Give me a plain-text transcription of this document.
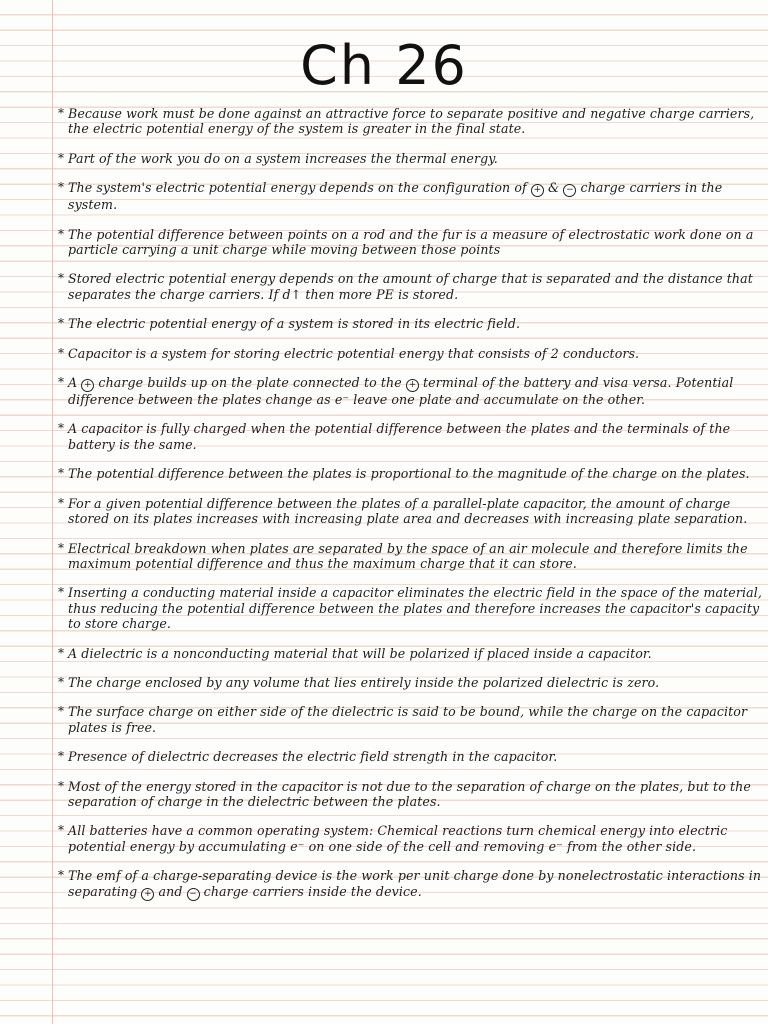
Ch 26
* Because work must be done against an attractive force to separate positive and negative charge carriers, the electric potential energy of the system is greater in the final state.
* Part of the work you do on a system increases the thermal energy.
* The system's electric potential energy depends on the configuration of + & − charge carriers in the system.
* The potential difference between points on a rod and the fur is a measure of electrostatic work done on a particle carrying a unit charge while moving between those points
* Stored electric potential energy depends on the amount of charge that is separated and the distance that separates the charge carriers. If d↑ then more PE is stored.
* The electric potential energy of a system is stored in its electric field.
* Capacitor is a system for storing electric potential energy that consists of 2 conductors.
* A + charge builds up on the plate connected to the + terminal of the battery and visa versa. Potential difference between the plates change as e⁻ leave one plate and accumulate on the other.
* A capacitor is fully charged when the potential difference between the plates and the terminals of the battery is the same.
* The potential difference between the plates is proportional to the magnitude of the charge on the plates.
* For a given potential difference between the plates of a parallel-plate capacitor, the amount of charge stored on its plates increases with increasing plate area and decreases with increasing plate separation.
* Electrical breakdown when plates are separated by the space of an air molecule and therefore limits the maximum potential difference and thus the maximum charge that it can store.
* Inserting a conducting material inside a capacitor eliminates the electric field in the space of the material, thus reducing the potential difference between the plates and therefore increases the capacitor's capacity to store charge.
* A dielectric is a nonconducting material that will be polarized if placed inside a capacitor.
* The charge enclosed by any volume that lies entirely inside the polarized dielectric is zero.
* The surface charge on either side of the dielectric is said to be bound, while the charge on the capacitor plates is free.
* Presence of dielectric decreases the electric field strength in the capacitor.
* Most of the energy stored in the capacitor is not due to the separation of charge on the plates, but to the separation of charge in the dielectric between the plates.
* All batteries have a common operating system: Chemical reactions turn chemical energy into electric potential energy by accumulating e⁻ on one side of the cell and removing e⁻ from the other side.
* The emf of a charge-separating device is the work per unit charge done by nonelectrostatic interactions in separating + and − charge carriers inside the device.
